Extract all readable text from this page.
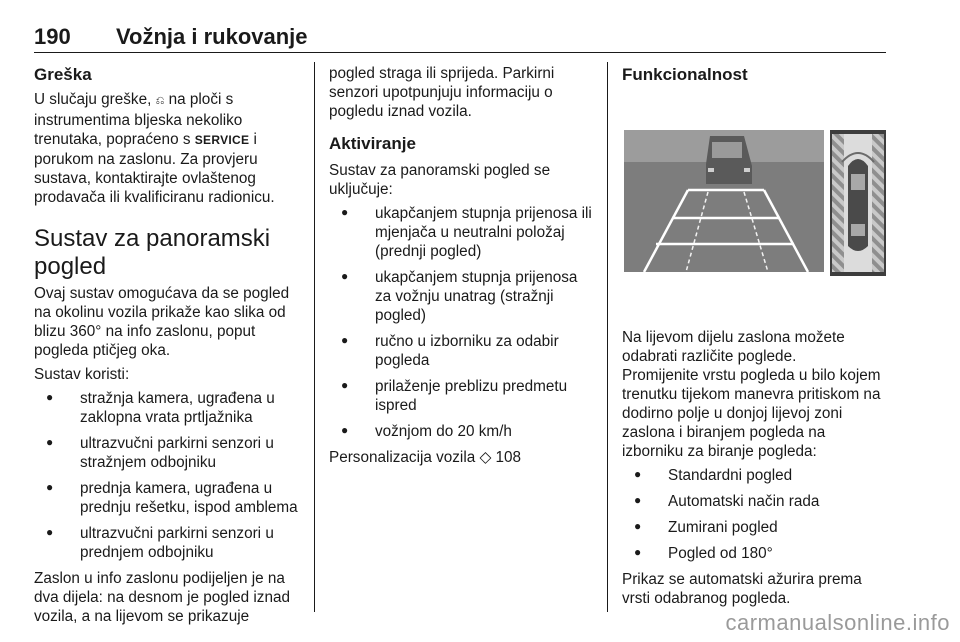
190 Vožnja i rukovanje

Greška

U slučaju greške, ⎌ na ploči s instrumentima bljeska nekoliko trenutaka, popraćeno s SERVICE i porukom na zaslonu. Za provjeru sustava, kontaktirajte ovlaštenog prodavača ili kvalificiranu radionicu.

Sustav za panoramski pogled

Ovaj sustav omogućava da se pogled na okolinu vozila prikaže kao slika od blizu 360° na info zaslonu, poput pogleda ptičjeg oka.

Sustav koristi:

● stražnja kamera, ugrađena u zaklopna vrata prtljažnika
● ultrazvučni parkirni senzori u stražnjem odbojniku
● prednja kamera, ugrađena u prednju rešetku, ispod amblema
● ultrazvučni parkirni senzori u prednjem odbojniku

Zaslon u info zaslonu podijeljen je na dva dijela: na desnom je pogled iznad vozila, a na lijevom se prikazuje

pogled straga ili sprijeda. Parkirni senzori upotpunjuju informaciju o pogledu iznad vozila.

Aktiviranje

Sustav za panoramski pogled se uključuje:

● ukapčanjem stupnja prijenosa ili mjenjača u neutralni položaj (prednji pogled)
● ukapčanjem stupnja prijenosa za vožnju unatrag (stražnji pogled)
● ručno u izborniku za odabir pogleda
● prilaženje preblizu predmetu ispred
● vožnjom do 20 km/h

Personalizacija vozila ◇ 108

Funkcionalnost

Na lijevom dijelu zaslona možete odabrati različite poglede.

Promijenite vrstu pogleda u bilo kojem trenutku tijekom manevra pritiskom na dodirno polje u donjoj lijevoj zoni zaslona i biranjem pogleda na izborniku za biranje pogleda:

● Standardni pogled
● Automatski način rada
● Zumirani pogled
● Pogled od 180°

Prikaz se automatski ažurira prema vrsti odabranog pogleda.

carmanualsonline.info
